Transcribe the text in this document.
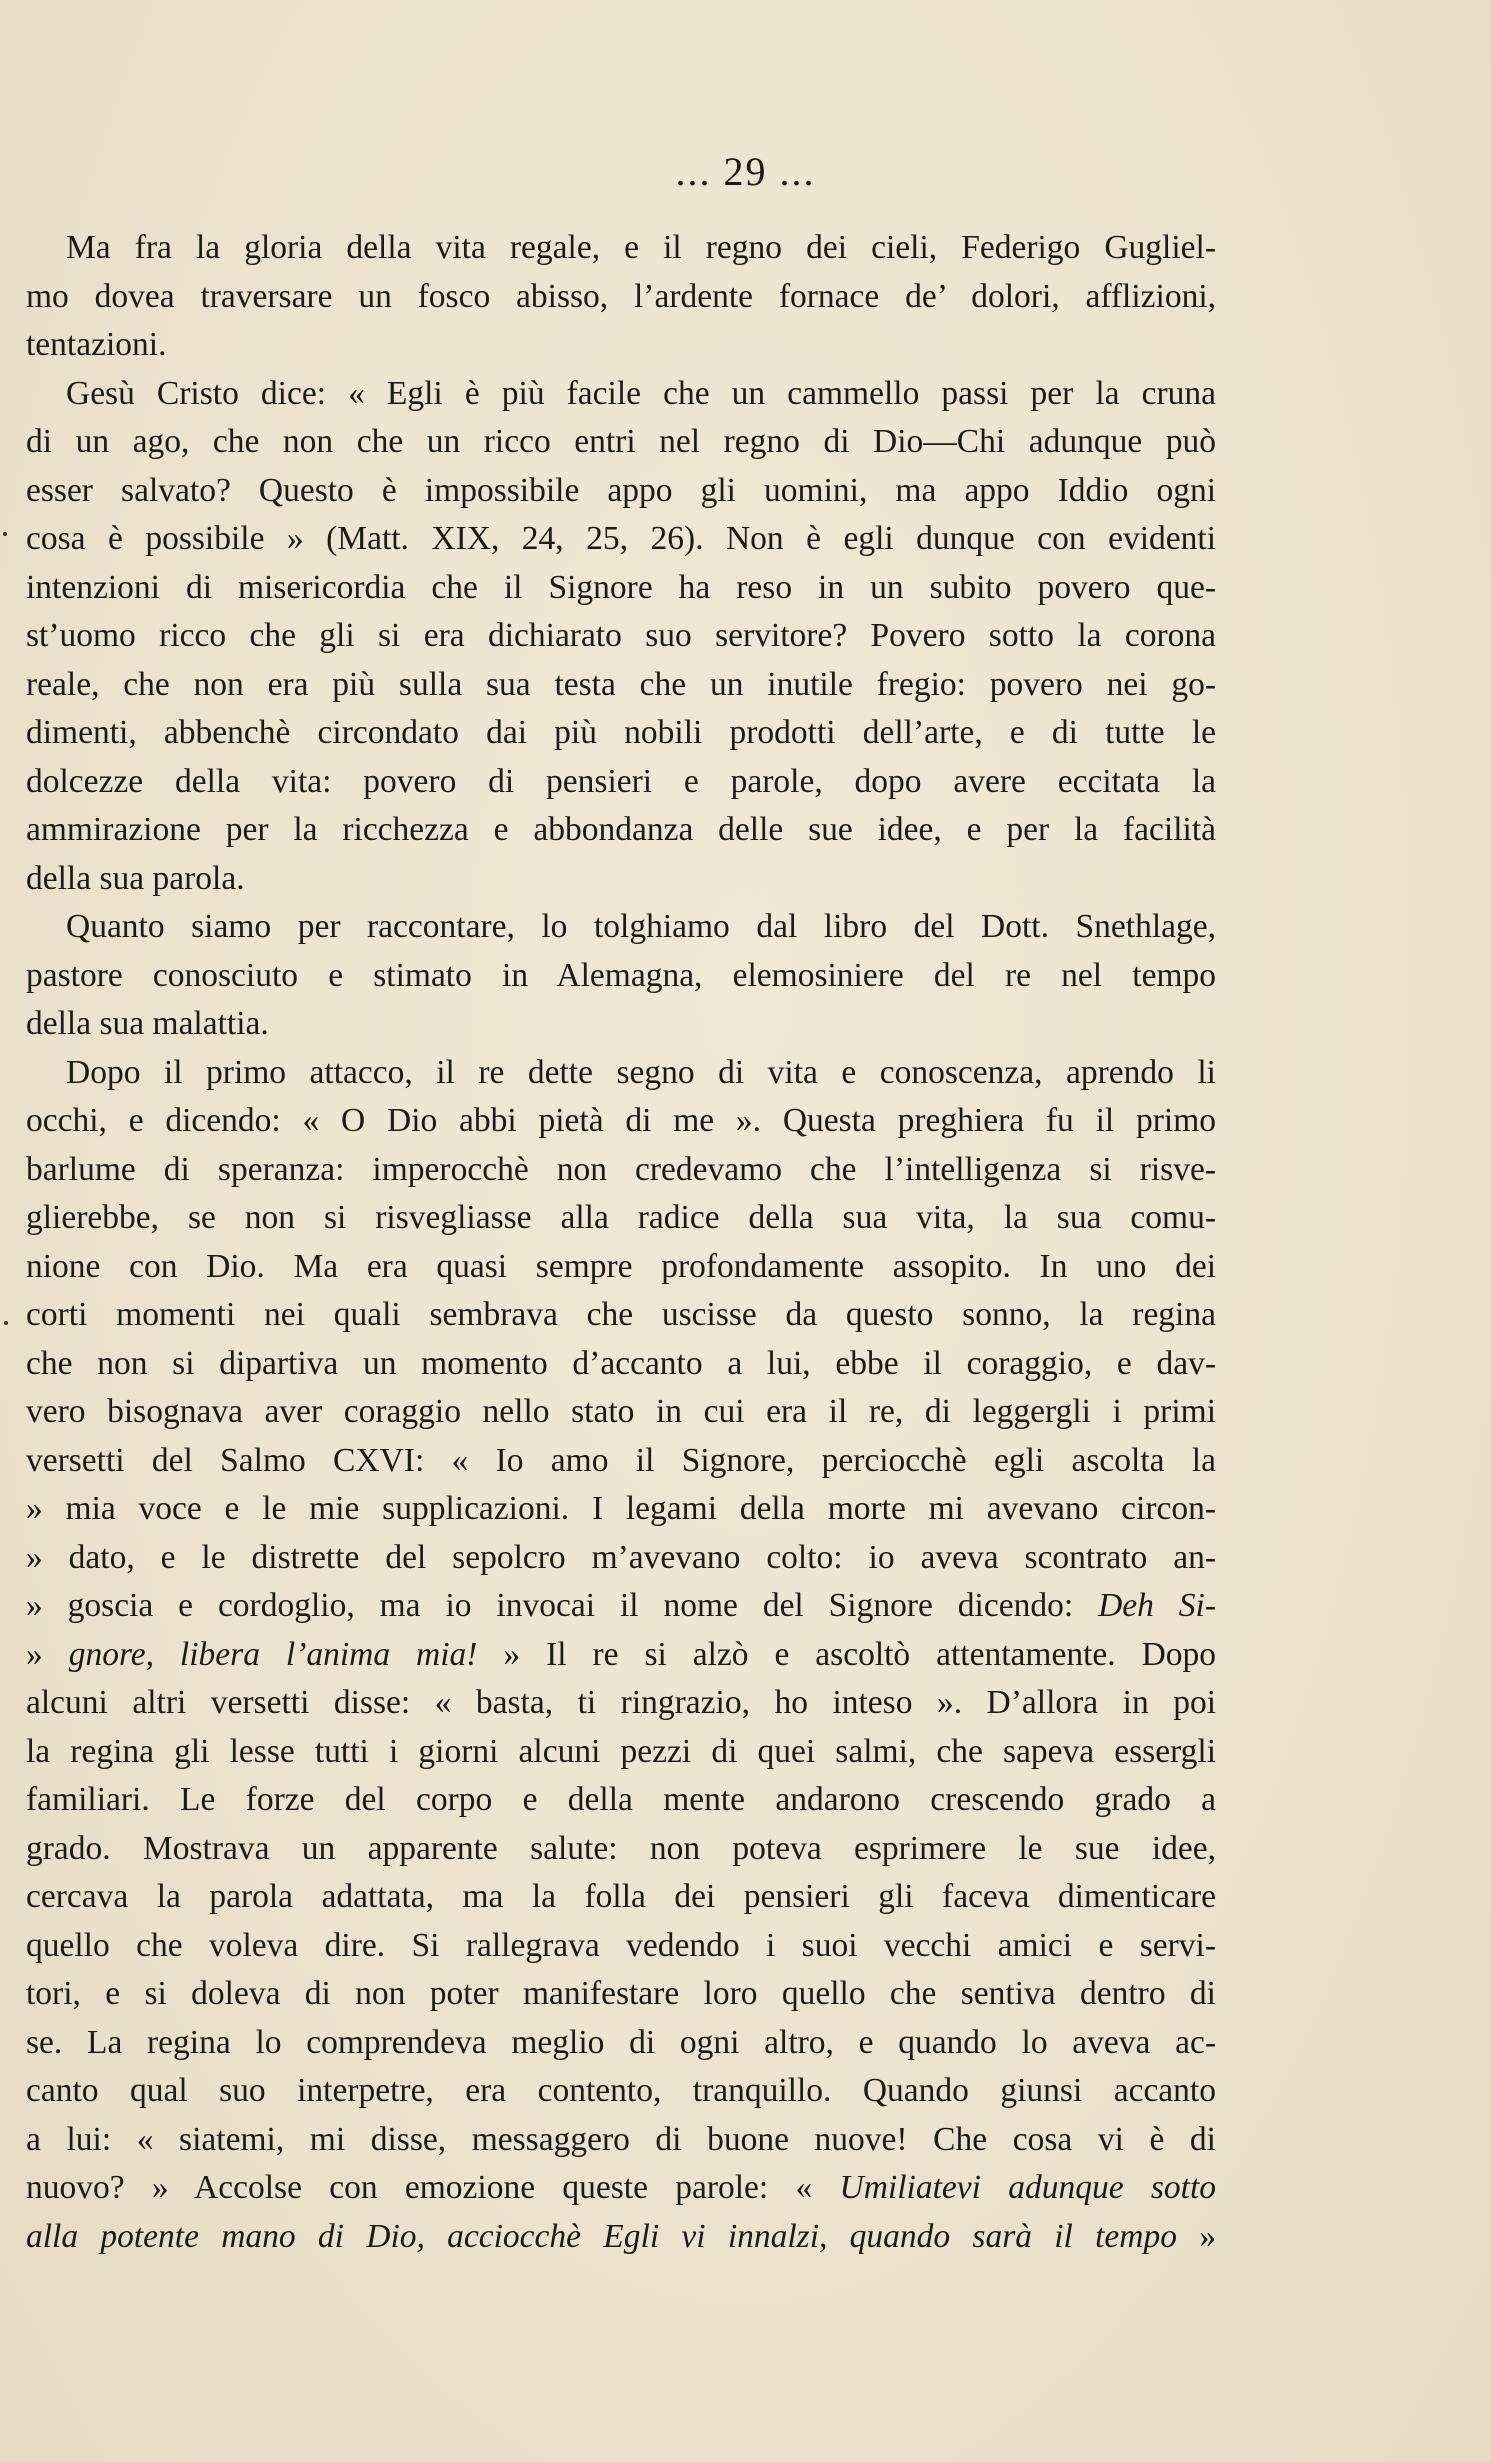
... 29 ...
Ma fra la gloria della vita regale, e il regno dei cieli, Federigo Gugliel-
mo dovea traversare un fosco abisso, l’ardente fornace de’ dolori, afflizioni,
tentazioni.
Gesù Cristo dice: « Egli è più facile che un cammello passi per la cruna
di un ago, che non che un ricco entri nel regno di Dio—Chi adunque può
esser salvato? Questo è impossibile appo gli uomini, ma appo Iddio ogni
cosa è possibile » (Matt. XIX, 24, 25, 26). Non è egli dunque con evidenti
intenzioni di misericordia che il Signore ha reso in un subito povero que-
st’uomo ricco che gli si era dichiarato suo servitore? Povero sotto la corona
reale, che non era più sulla sua testa che un inutile fregio: povero nei go-
dimenti, abbenchè circondato dai più nobili prodotti dell’arte, e di tutte le
dolcezze della vita: povero di pensieri e parole, dopo avere eccitata la
ammirazione per la ricchezza e abbondanza delle sue idee, e per la facilità
della sua parola.
Quanto siamo per raccontare, lo tolghiamo dal libro del Dott. Snethlage,
pastore conosciuto e stimato in Alemagna, elemosiniere del re nel tempo
della sua malattia.
Dopo il primo attacco, il re dette segno di vita e conoscenza, aprendo li
occhi, e dicendo: « O Dio abbi pietà di me ». Questa preghiera fu il primo
barlume di speranza: imperocchè non credevamo che l’intelligenza si risve-
glierebbe, se non si risvegliasse alla radice della sua vita, la sua comu-
nione con Dio. Ma era quasi sempre profondamente assopito. In uno dei
corti momenti nei quali sembrava che uscisse da questo sonno, la regina
che non si dipartiva un momento d’accanto a lui, ebbe il coraggio, e dav-
vero bisognava aver coraggio nello stato in cui era il re, di leggergli i primi
versetti del Salmo CXVI: « Io amo il Signore, perciocchè egli ascolta la
» mia voce e le mie supplicazioni. I legami della morte mi avevano circon-
» dato, e le distrette del sepolcro m’avevano colto: io aveva scontrato an-
» goscia e cordoglio, ma io invocai il nome del Signore dicendo: Deh Si-
» gnore, libera l’anima mia! » Il re si alzò e ascoltò attentamente. Dopo
alcuni altri versetti disse: « basta, ti ringrazio, ho inteso ». D’allora in poi
la regina gli lesse tutti i giorni alcuni pezzi di quei salmi, che sapeva essergli
familiari. Le forze del corpo e della mente andarono crescendo grado a
grado. Mostrava un apparente salute: non poteva esprimere le sue idee,
cercava la parola adattata, ma la folla dei pensieri gli faceva dimenticare
quello che voleva dire. Si rallegrava vedendo i suoi vecchi amici e servi-
tori, e si doleva di non poter manifestare loro quello che sentiva dentro di
se. La regina lo comprendeva meglio di ogni altro, e quando lo aveva ac-
canto qual suo interpetre, era contento, tranquillo. Quando giunsi accanto
a lui: « siatemi, mi disse, messaggero di buone nuove! Che cosa vi è di
nuovo? » Accolse con emozione queste parole: « Umiliatevi adunque sotto
alla potente mano di Dio, acciocchè Egli vi innalzi, quando sarà il tempo »
